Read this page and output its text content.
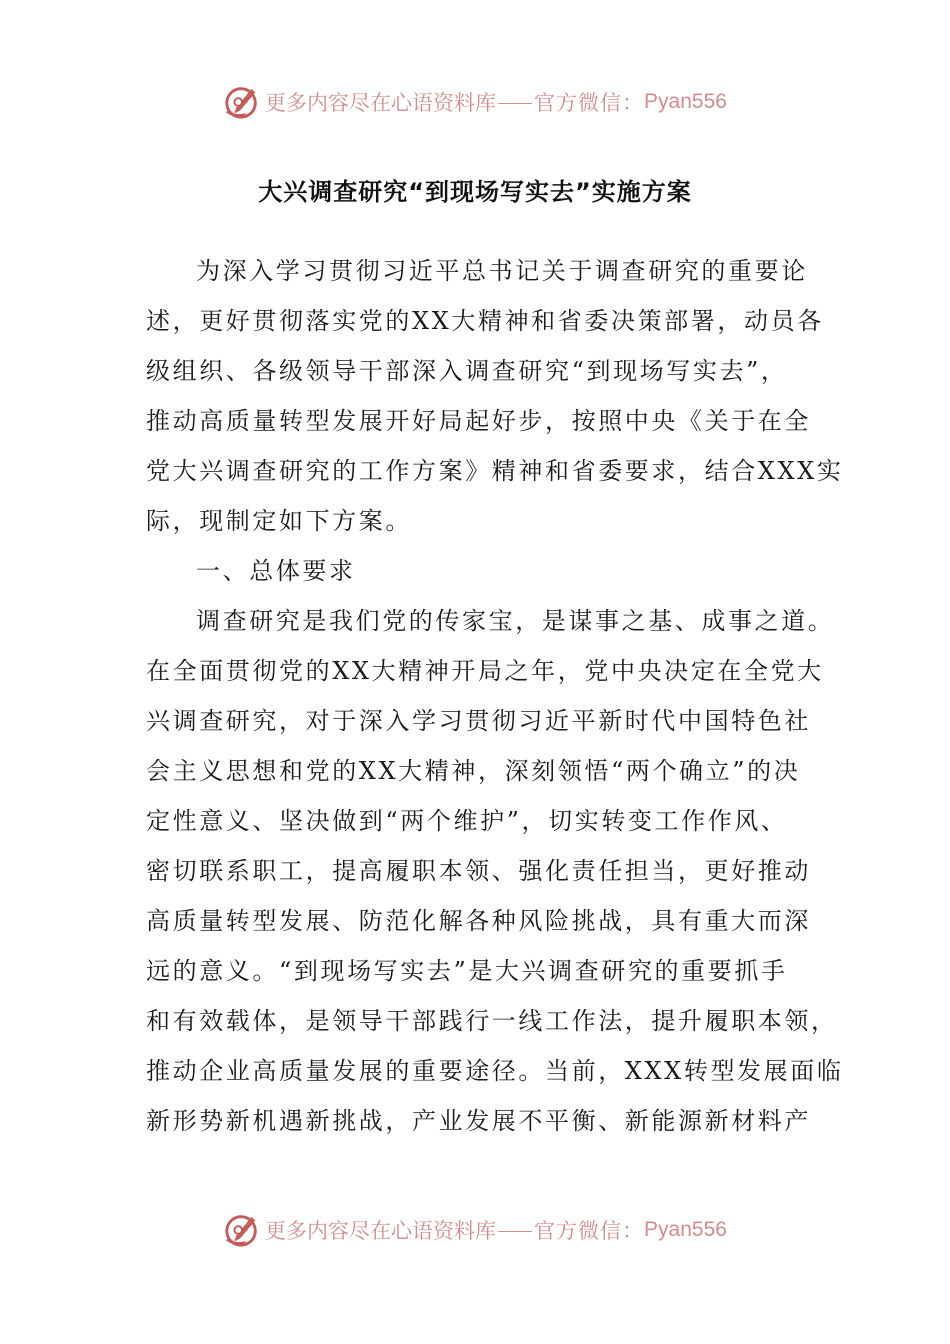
更多内容尽在心语资料库 官方微信： Pyan556
大兴调查研究“到现场写实去”实施方案
为深入学习贯彻习近平总书记关于调查研究的重要论
述，更好贯彻落实党的XX大精神和省委决策部署，动员各
级组织、各级领导干部深入调查研究“到现场写实去”，
推动高质量转型发展开好局起好步，按照中央《关于在全
党大兴调查研究的工作方案》精神和省委要求，结合XXX实
际，现制定如下方案。
一、总体要求
调查研究是我们党的传家宝，是谋事之基、成事之道。
在全面贯彻党的XX大精神开局之年，党中央决定在全党大
兴调查研究，对于深入学习贯彻习近平新时代中国特色社
会主义思想和党的XX大精神，深刻领悟“两个确立”的决
定性意义、坚决做到“两个维护”，切实转变工作作风、
密切联系职工，提高履职本领、强化责任担当，更好推动
高质量转型发展、防范化解各种风险挑战，具有重大而深
远的意义。“到现场写实去”是大兴调查研究的重要抓手
和有效载体，是领导干部践行一线工作法，提升履职本领，
推动企业高质量发展的重要途径。当前，XXX转型发展面临
新形势新机遇新挑战，产业发展不平衡、新能源新材料产
更多内容尽在心语资料库 官方微信： Pyan556
